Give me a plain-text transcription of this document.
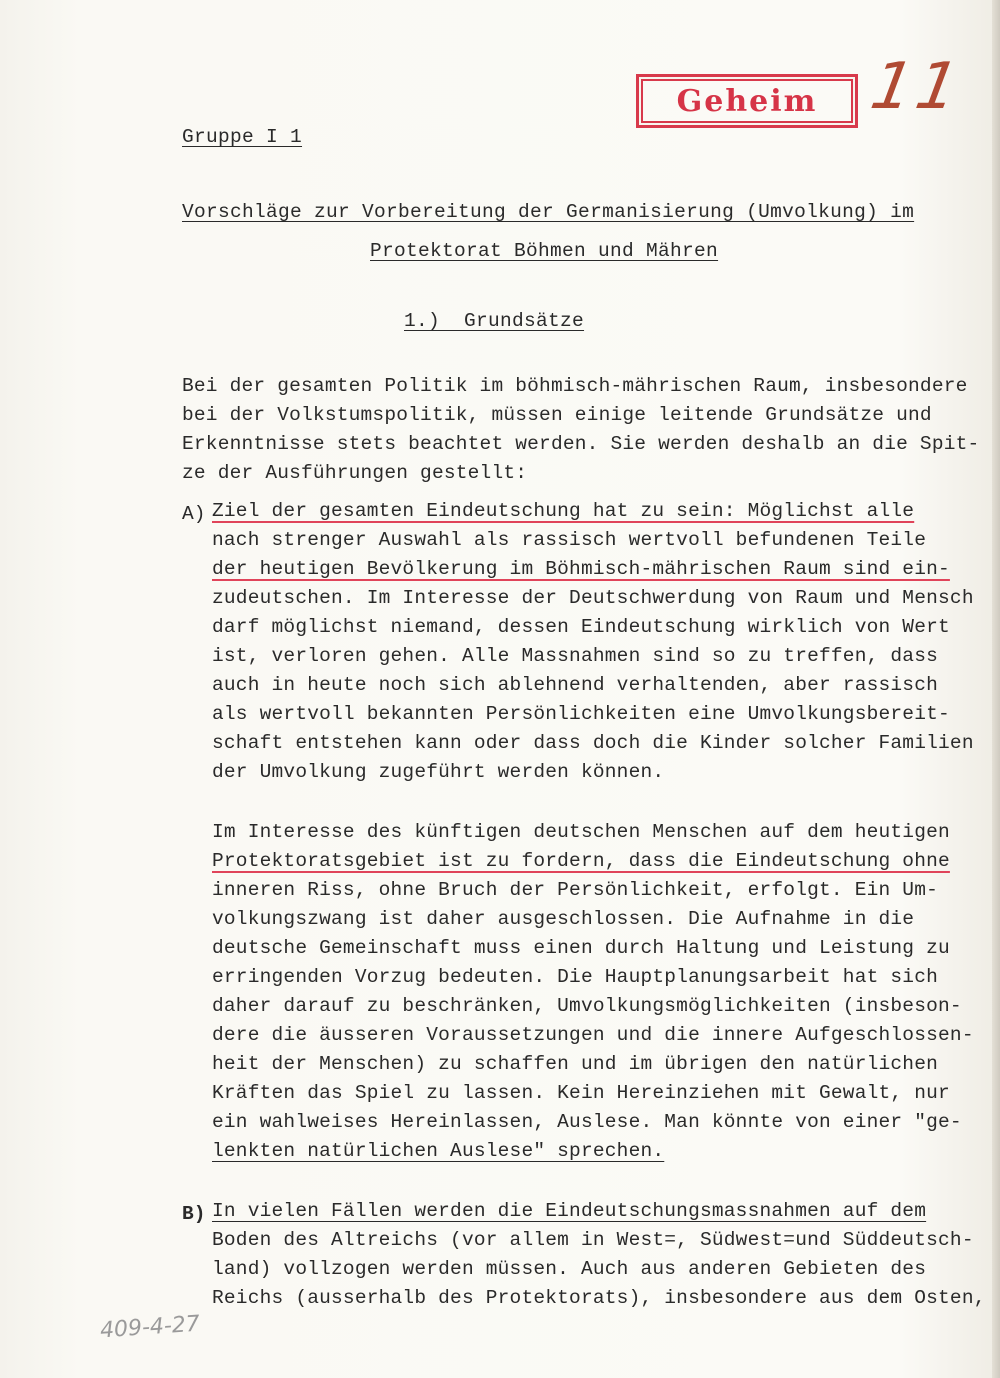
Geheim 11
Gruppe I 1
Vorschläge zur Vorbereitung der Germanisierung (Umvolkung) im
Protektorat Böhmen und Mähren
1.)  Grundsätze
Bei der gesamten Politik im böhmisch-mährischen Raum, insbesondere
bei der Volkstumspolitik, müssen einige leitende Grundsätze und
Erkenntnisse stets beachtet werden. Sie werden deshalb an die Spit-
ze der Ausführungen gestellt:
A) Ziel der gesamten Eindeutschung hat zu sein: Möglichst alle
nach strenger Auswahl als rassisch wertvoll befundenen Teile
der heutigen Bevölkerung im Böhmisch-mährischen Raum sind ein-
zudeutschen. Im Interesse der Deutschwerdung von Raum und Mensch
darf möglichst niemand, dessen Eindeutschung wirklich von Wert
ist, verloren gehen. Alle Massnahmen sind so zu treffen, dass
auch in heute noch sich ablehnend verhaltenden, aber rassisch
als wertvoll bekannten Persönlichkeiten eine Umvolkungsbereit-
schaft entstehen kann oder dass doch die Kinder solcher Familien
der Umvolkung zugeführt werden können.
Im Interesse des künftigen deutschen Menschen auf dem heutigen
Protektoratsgebiet ist zu fordern, dass die Eindeutschung ohne
inneren Riss, ohne Bruch der Persönlichkeit, erfolgt. Ein Um-
volkungszwang ist daher ausgeschlossen. Die Aufnahme in die
deutsche Gemeinschaft muss einen durch Haltung und Leistung zu
erringenden Vorzug bedeuten. Die Hauptplanungsarbeit hat sich
daher darauf zu beschränken, Umvolkungsmöglichkeiten (insbeson-
dere die äusseren Voraussetzungen und die innere Aufgeschlossen-
heit der Menschen) zu schaffen und im übrigen den natürlichen
Kräften das Spiel zu lassen. Kein Hereinziehen mit Gewalt, nur
ein wahlweises Hereinlassen, Auslese. Man könnte von einer "ge-
lenkten natürlichen Auslese" sprechen.
B) In vielen Fällen werden die Eindeutschungsmassnahmen auf dem
Boden des Altreichs (vor allem in West=, Südwest=und Süddeutsch-
land) vollzogen werden müssen. Auch aus anderen Gebieten des
Reichs (ausserhalb des Protektorats), insbesondere aus dem Osten,
409-4-27
